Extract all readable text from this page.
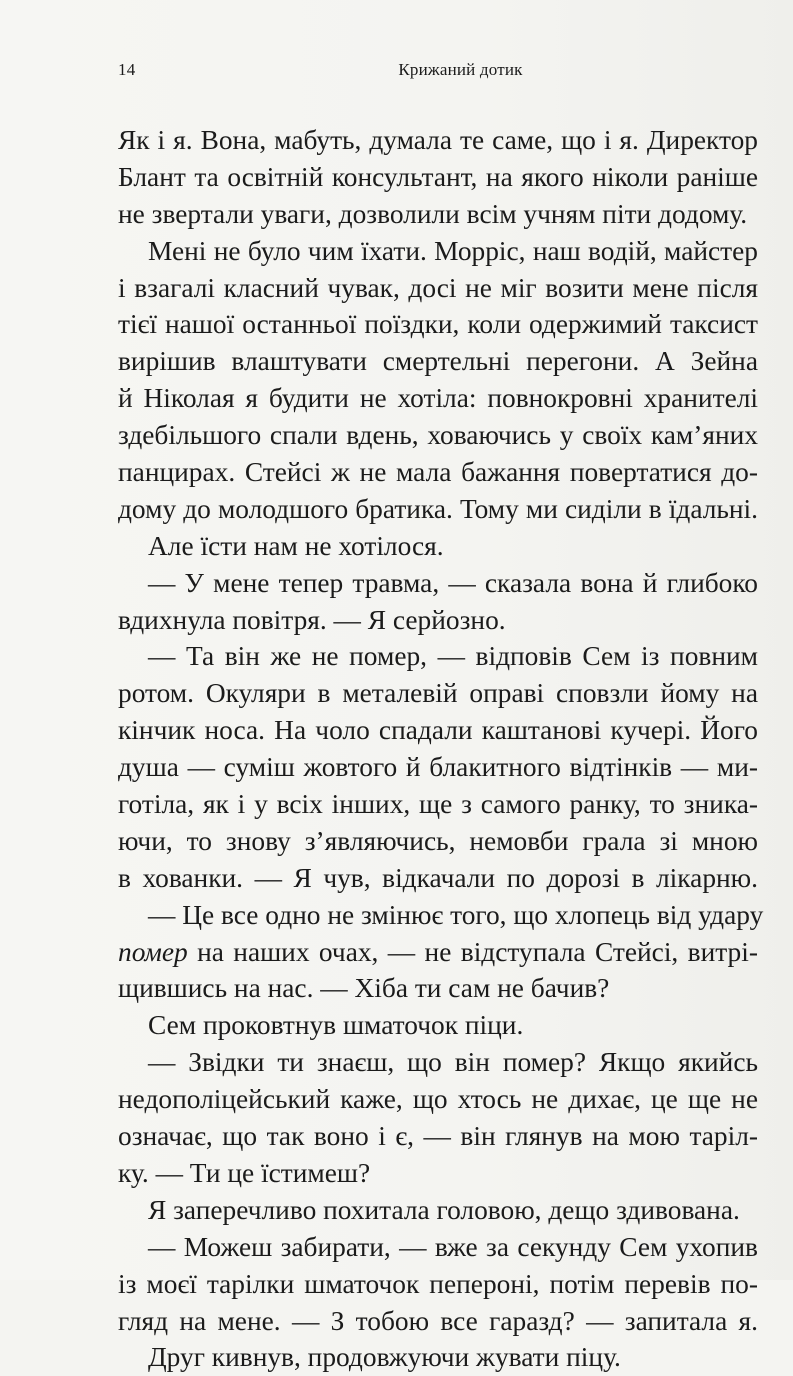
14	Крижаний дотик
Як і я. Вона, мабуть, думала те саме, що і я. Директор
Блант та освітній консультант, на якого ніколи раніше
не звертали уваги, дозволили всім учням піти додому.
Мені не було чим їхати. Морріс, наш водій, майстер
і взагалі класний чувак, досі не міг возити мене після
тієї нашої останньої поїздки, коли одержимий таксист
вирішив влаштувати смертельні перегони. А Зейна
й Ніколая я будити не хотіла: повнокровні хранителі
здебільшого спали вдень, ховаючись у своїх кам’яних
панцирах. Стейсі ж не мала бажання повертатися до-
дому до молодшого братика. Тому ми сиділи в їдальні.
Але їсти нам не хотілося.
— У мене тепер травма, — сказала вона й глибоко
вдихнула повітря. — Я серйозно.
— Та він же не помер, — відповів Сем із повним
ротом. Окуляри в металевій оправі сповзли йому на
кінчик носа. На чоло спадали каштанові кучері. Його
душа — суміш жовтого й блакитного відтінків — ми-
готіла, як і у всіх інших, ще з самого ранку, то зника-
ючи, то знову з’являючись, немовби грала зі мною
в хованки. — Я чув, відкачали по дорозі в лікарню.
— Це все одно не змінює того, що хлопець від удару
помер на наших очах, — не відступала Стейсі, витрі-
щившись на нас. — Хіба ти сам не бачив?
Сем проковтнув шматочок піци.
— Звідки ти знаєш, що він помер? Якщо якийсь
недополіцейський каже, що хтось не дихає, це ще не
означає, що так воно і є, — він глянув на мою таріл-
ку. — Ти це їстимеш?
Я заперечливо похитала головою, дещо здивована.
— Можеш забирати, — вже за секунду Сем ухопив
із моєї тарілки шматочок пепероні, потім перевів по-
гляд на мене. — З тобою все гаразд? — запитала я.
Друг кивнув, продовжуючи жувати піцу.
